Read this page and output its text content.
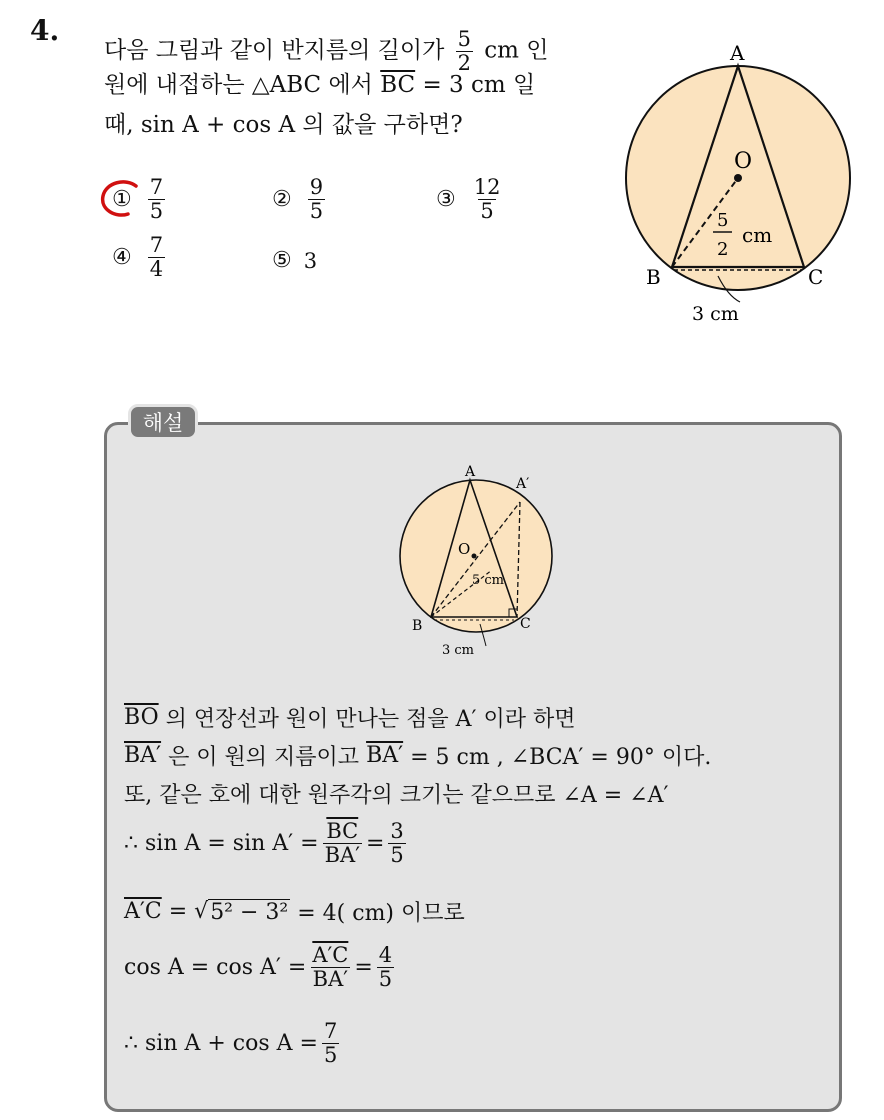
4.
다음 그림과 같이 반지름의 길이가 $\frac{5}{2}$ cm 인
원에 내접하는 △ABC 에서 $\overline{BC} = 3$ cm 일
때, sin A + cos A 의 값을 구하면?
① $\frac{7}{5}$	② $\frac{9}{5}$	③ $\frac{12}{5}$
④ $\frac{7}{4}$	⑤ 3
A
O
B	C
5
2
cm
3 cm
해설
A
A′
O
B	C
5 cm
3 cm
$\overline{BO}$
의 연장선과 원이 만나는 점을 A′ 이라 하면
BA′
은 이 원의 지름이고
BA′
= 5 cm , ∠BCA′ = 90° 이다.
또, 같은 호에 대한 원주각의 크기는 같으므로 ∠A = ∠A′
∴ $\sin A = \sin A' = \frac{\overline{BC}}{BA'} = \frac{3}{5}$
A′C
=
√ 5² − 3²
= 4( cm) 이므로
$\cos A = \cos A' = \frac{A'C}{BA'} = \frac{4}{5}$
∴ $\sin A + \cos A = \frac{7}{5}$
